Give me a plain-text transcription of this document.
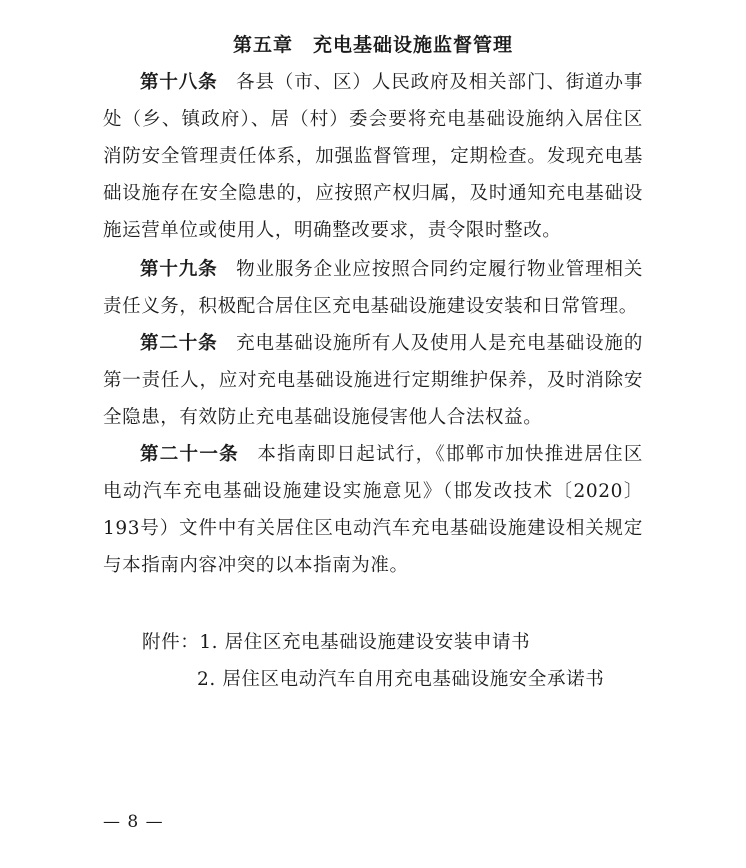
第五章　充电基础设施监督管理

第十八条 各县（市、区）人民政府及相关部门、街道办事处（乡、镇政府）、居（村）委会要将充电基础设施纳入居住区消防安全管理责任体系，加强监督管理，定期检查。发现充电基础设施存在安全隐患的，应按照产权归属，及时通知充电基础设施运营单位或使用人，明确整改要求，责令限时整改。

第十九条 物业服务企业应按照合同约定履行物业管理相关责任义务，积极配合居住区充电基础设施建设安装和日常管理。

第二十条 充电基础设施所有人及使用人是充电基础设施的第一责任人，应对充电基础设施进行定期维护保养，及时消除安全隐患，有效防止充电基础设施侵害他人合法权益。

第二十一条 本指南即日起试行，《邯郸市加快推进居住区电动汽车充电基础设施建设实施意见》（邯发改技术〔2020〕193号）文件中有关居住区电动汽车充电基础设施建设相关规定与本指南内容冲突的以本指南为准。

附件：1. 居住区充电基础设施建设安装申请书
2. 居住区电动汽车自用充电基础设施安全承诺书
— 8 —
